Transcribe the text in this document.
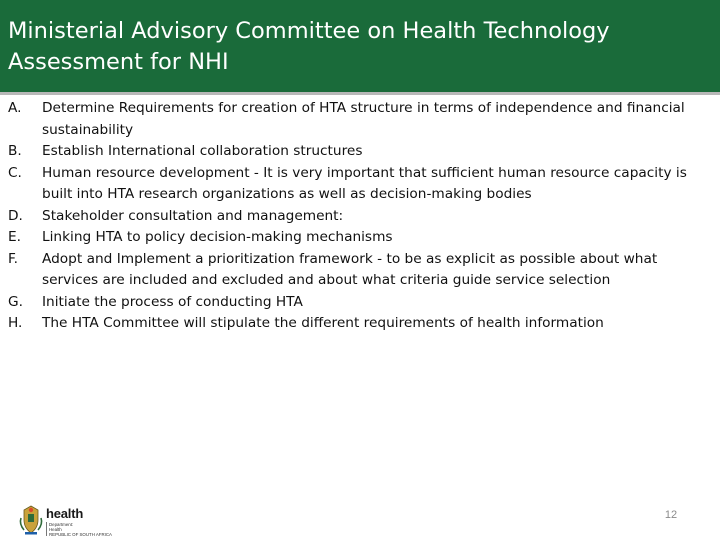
Ministerial Advisory Committee on Health Technology Assessment for NHI
A.	Determine Requirements for creation of HTA structure in terms of independence and financial sustainability
B.	Establish International collaboration structures
C.	Human resource development - It is very important that sufficient human resource capacity is built into HTA research organizations as well as decision-making bodies
D.	Stakeholder consultation and management:
E.	Linking HTA to policy decision-making mechanisms
F.	Adopt and Implement a prioritization framework - to be as explicit as possible about what services are included and excluded and about what criteria guide service selection
G.	Initiate the process of conducting HTA
H.	The HTA Committee will stipulate the different requirements of health information
health
Department:
Health
REPUBLIC OF SOUTH AFRICA
12
